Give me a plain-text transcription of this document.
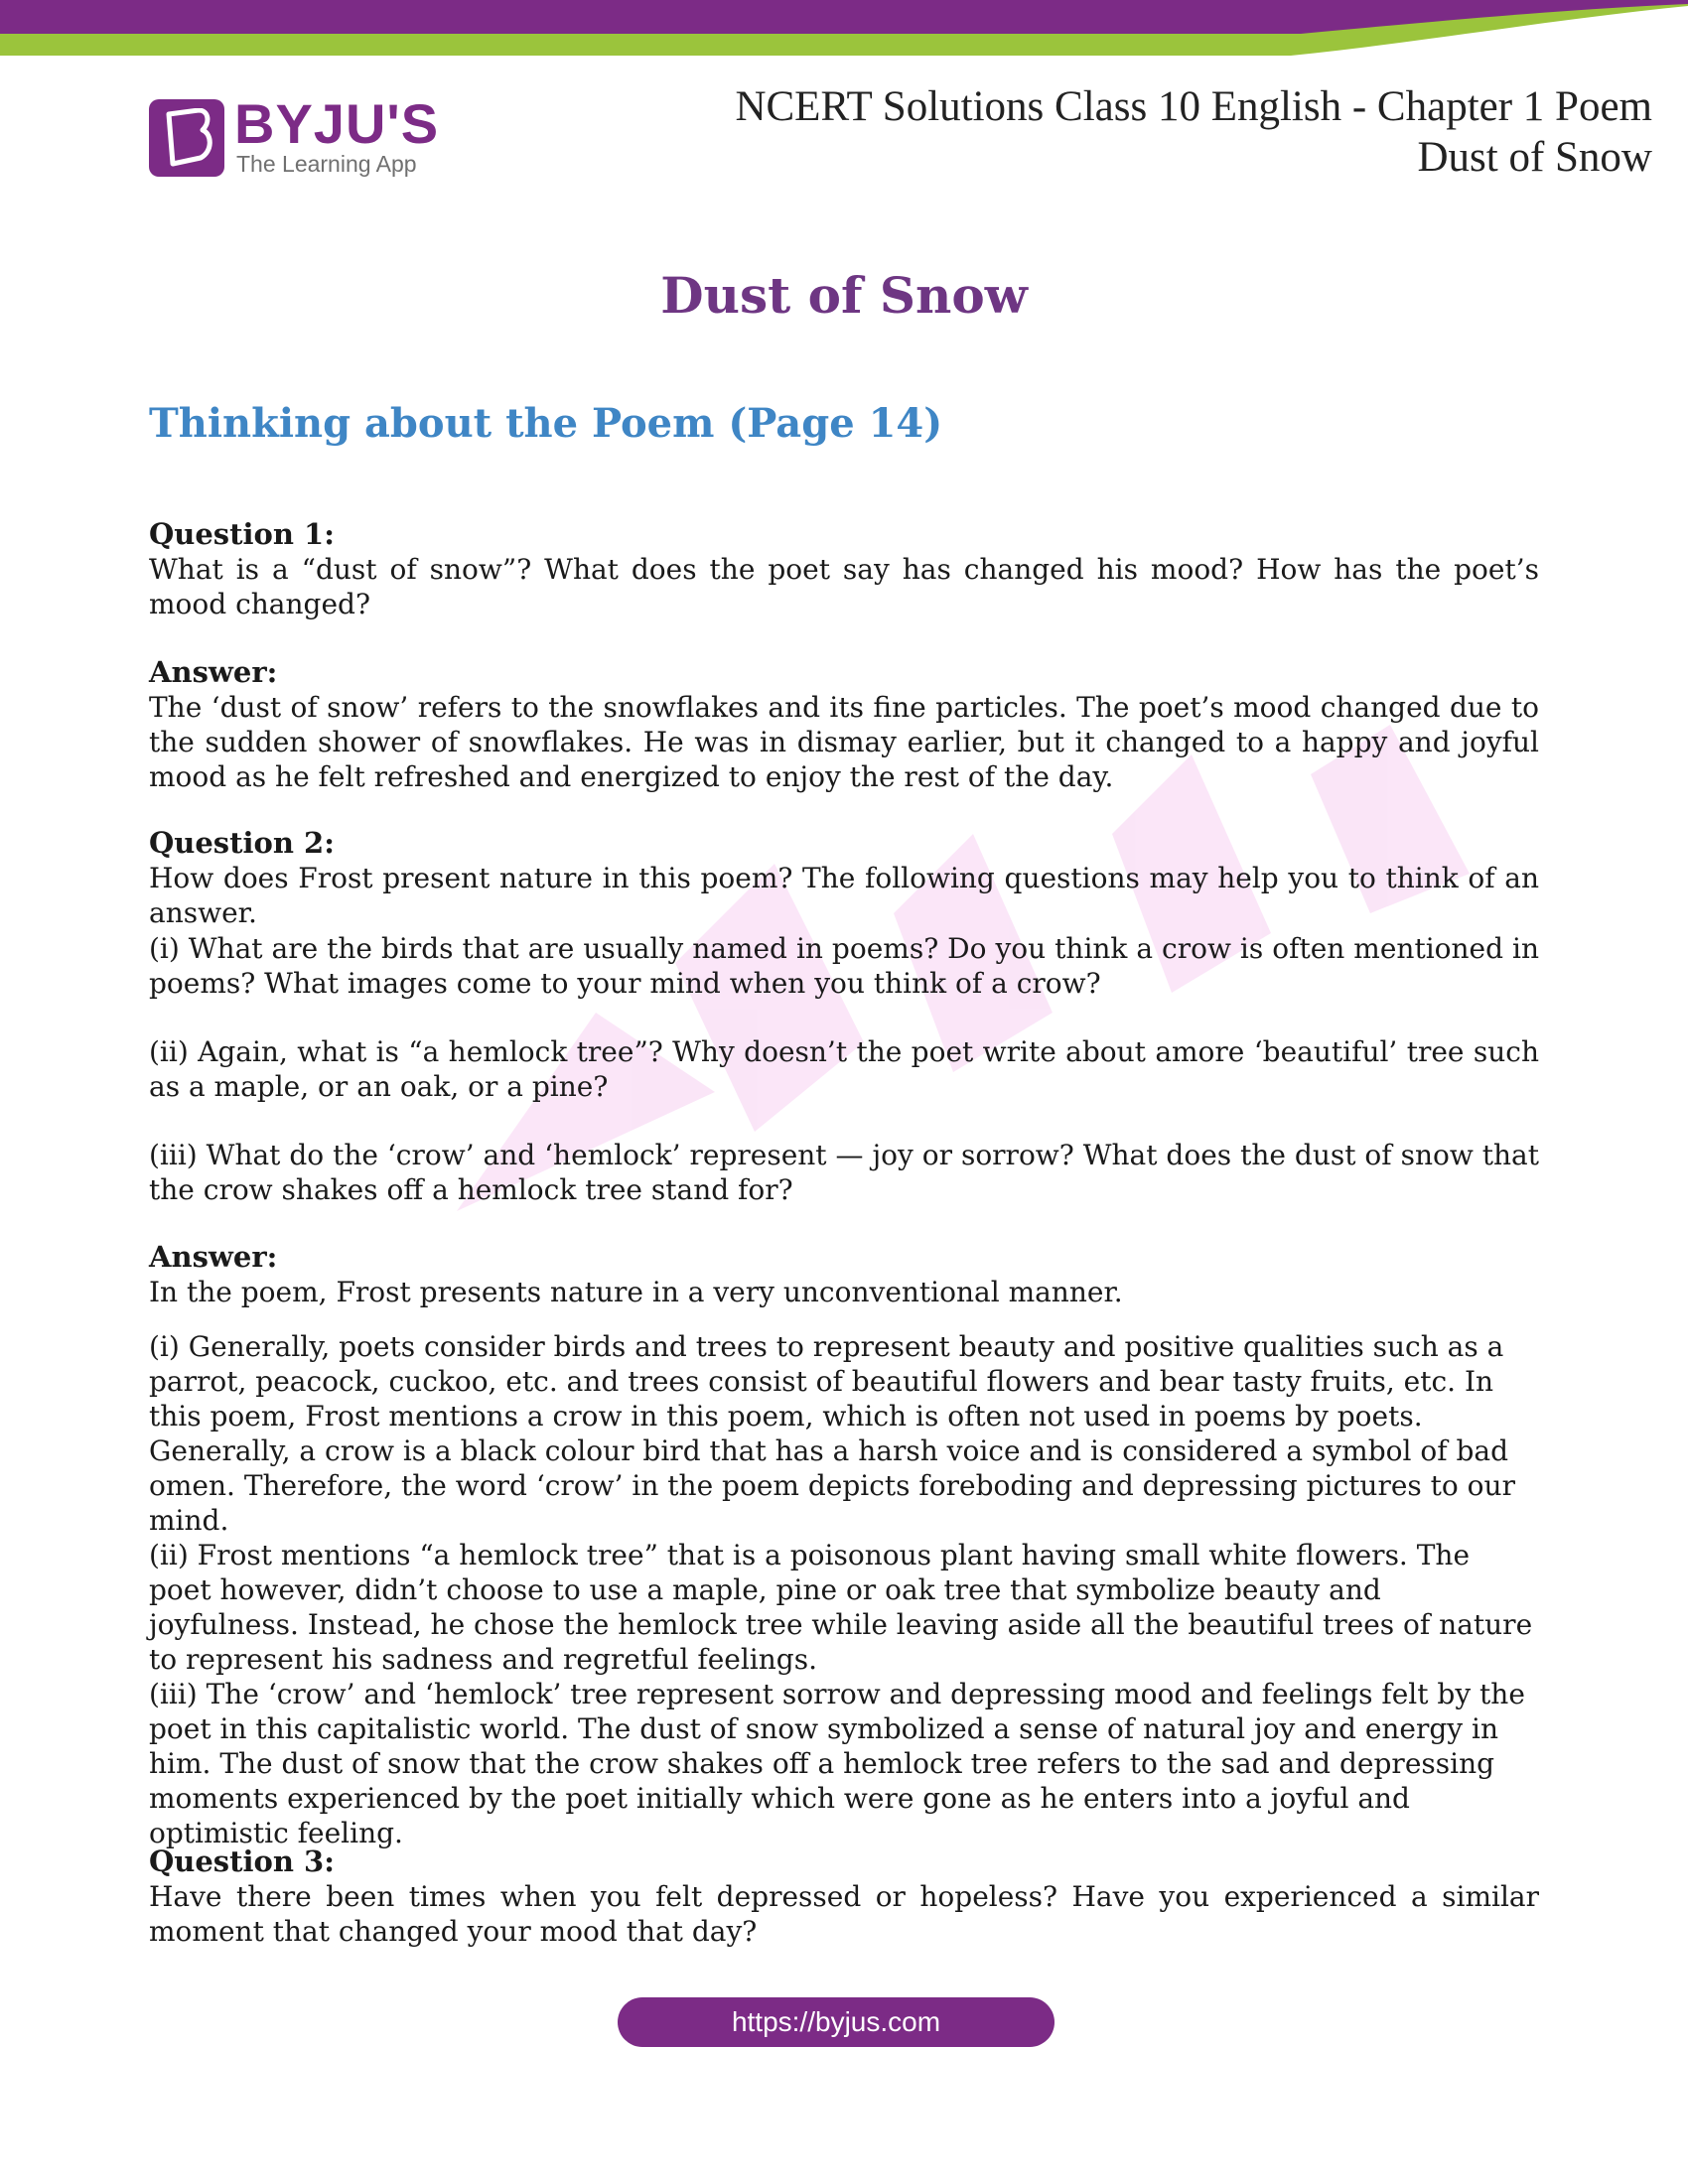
BYJU'S
The Learning App
NCERT Solutions Class 10 English - Chapter 1 Poem
Dust of Snow
Dust of Snow
Thinking about the Poem (Page 14)
Question 1:

What is a “dust of snow”? What does the poet say has changed his mood? How has the poet’s mood changed?

Answer:

The ‘dust of snow’ refers to the snowflakes and its fine particles. The poet’s mood changed due to the sudden shower of snowflakes. He was in dismay earlier, but it changed to a happy and joyful mood as he felt refreshed and energized to enjoy the rest of the day.

Question 2:

How does Frost present nature in this poem? The following questions may help you to think of an answer.

(i) What are the birds that are usually named in poems? Do you think a crow is often mentioned in poems? What images come to your mind when you think of a crow?

(ii) Again, what is “a hemlock tree”? Why doesn’t the poet write about amore ‘beautiful’ tree such as a maple, or an oak, or a pine?

(iii) What do the ‘crow’ and ‘hemlock’ represent — joy or sorrow? What does the dust of snow that the crow shakes off a hemlock tree stand for?

Answer:

In the poem, Frost presents nature in a very unconventional manner.

(i) Generally, poets consider birds and trees to represent beauty and positive qualities such as a parrot, peacock, cuckoo, etc. and trees consist of beautiful flowers and bear tasty fruits, etc. In this poem, Frost mentions a crow in this poem, which is often not used in poems by poets. Generally, a crow is a black colour bird that has a harsh voice and is considered a symbol of bad omen. Therefore, the word ‘crow’ in the poem depicts foreboding and depressing pictures to our mind.

(ii) Frost mentions “a hemlock tree” that is a poisonous plant having small white flowers. The poet however, didn’t choose to use a maple, pine or oak tree that symbolize beauty and joyfulness. Instead, he chose the hemlock tree while leaving aside all the beautiful trees of nature to represent his sadness and regretful feelings.

(iii) The ‘crow’ and ‘hemlock’ tree represent sorrow and depressing mood and feelings felt by the poet in this capitalistic world. The dust of snow symbolized a sense of natural joy and energy in him. The dust of snow that the crow shakes off a hemlock tree refers to the sad and depressing moments experienced by the poet initially which were gone as he enters into a joyful and optimistic feeling.

Question 3:

Have there been times when you felt depressed or hopeless? Have you experienced a similar moment that changed your mood that day?

https://byjus.com
